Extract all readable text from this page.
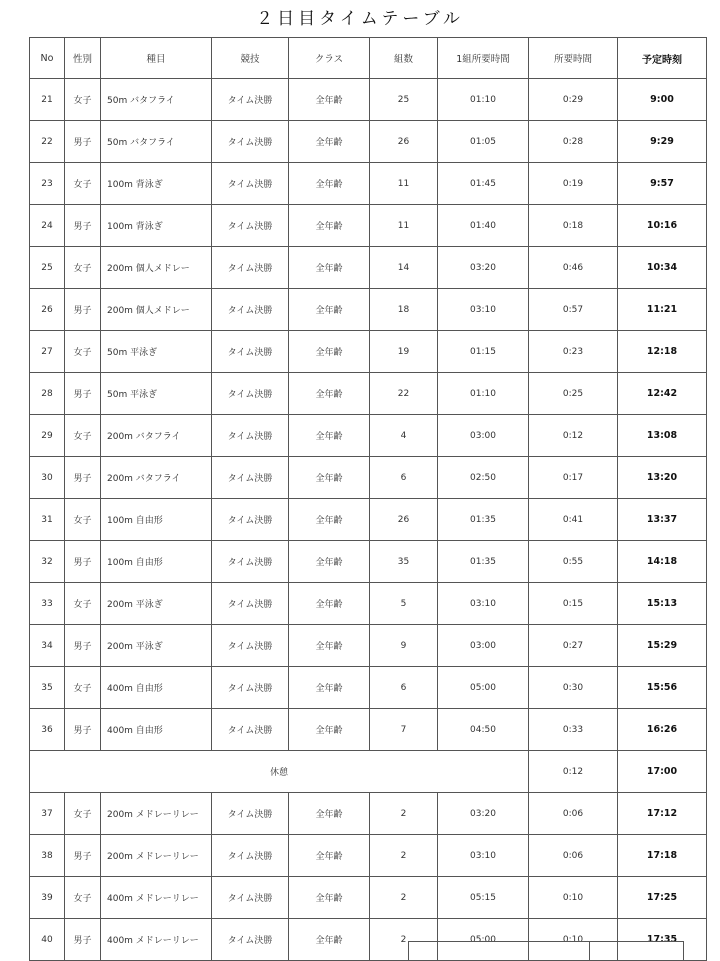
２日目タイムテーブル
No	性別	種目	競技	クラス	組数	1組所要時間	所要時間	予定時刻
21	女子	50m バタフライ	タイム決勝	全年齢	25	01:10	0:29	9:00
22	男子	50m バタフライ	タイム決勝	全年齢	26	01:05	0:28	9:29
23	女子	100m 背泳ぎ	タイム決勝	全年齢	11	01:45	0:19	9:57
24	男子	100m 背泳ぎ	タイム決勝	全年齢	11	01:40	0:18	10:16
25	女子	200m 個人メドレー	タイム決勝	全年齢	14	03:20	0:46	10:34
26	男子	200m 個人メドレー	タイム決勝	全年齢	18	03:10	0:57	11:21
27	女子	50m 平泳ぎ	タイム決勝	全年齢	19	01:15	0:23	12:18
28	男子	50m 平泳ぎ	タイム決勝	全年齢	22	01:10	0:25	12:42
29	女子	200m バタフライ	タイム決勝	全年齢	4	03:00	0:12	13:08
30	男子	200m バタフライ	タイム決勝	全年齢	6	02:50	0:17	13:20
31	女子	100m 自由形	タイム決勝	全年齢	26	01:35	0:41	13:37
32	男子	100m 自由形	タイム決勝	全年齢	35	01:35	0:55	14:18
33	女子	200m 平泳ぎ	タイム決勝	全年齢	5	03:10	0:15	15:13
34	男子	200m 平泳ぎ	タイム決勝	全年齢	9	03:00	0:27	15:29
35	女子	400m 自由形	タイム決勝	全年齢	6	05:00	0:30	15:56
36	男子	400m 自由形	タイム決勝	全年齢	7	04:50	0:33	16:26
休憩							0:12	17:00
37	女子	200m メドレーリレー	タイム決勝	全年齢	2	03:20	0:06	17:12
38	男子	200m メドレーリレー	タイム決勝	全年齢	2	03:10	0:06	17:18
39	女子	400m メドレーリレー	タイム決勝	全年齢	2	05:15	0:10	17:25
40	男子	400m メドレーリレー	タイム決勝	全年齢	2	05:00	0:10	17:35
